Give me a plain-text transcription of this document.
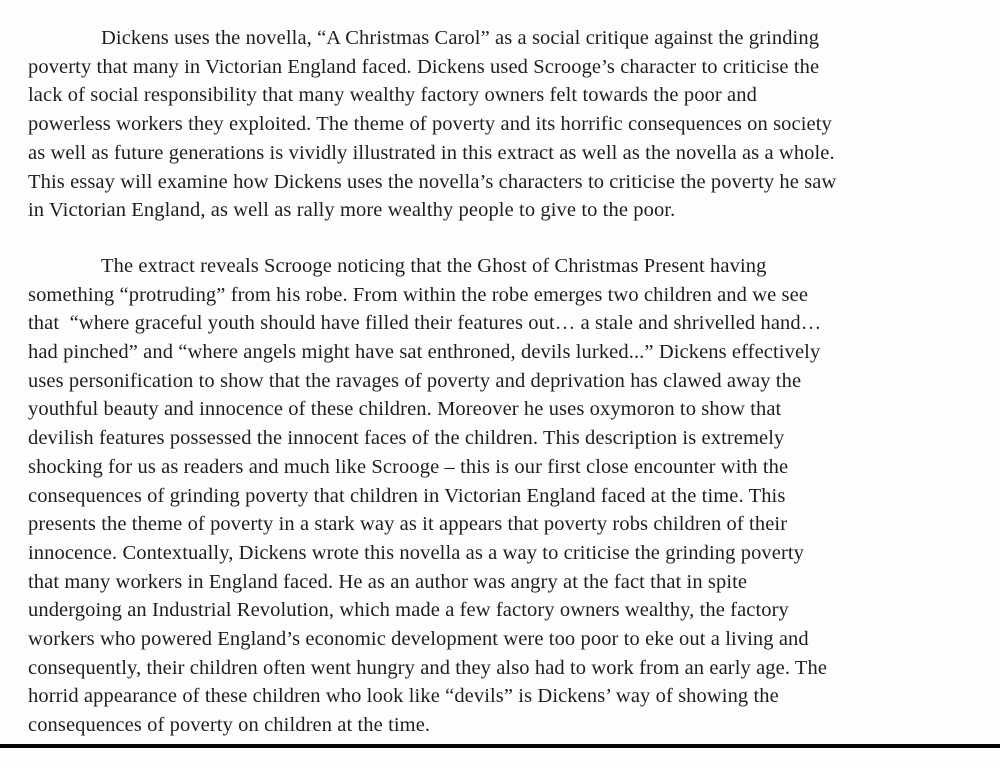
Dickens uses the novella, “A Christmas Carol” as a social critique against the grinding
poverty that many in Victorian England faced. Dickens used Scrooge’s character to criticise the
lack of social responsibility that many wealthy factory owners felt towards the poor and
powerless workers they exploited. The theme of poverty and its horrific consequences on society
as well as future generations is vividly illustrated in this extract as well as the novella as a whole.
This essay will examine how Dickens uses the novella’s characters to criticise the poverty he saw
in Victorian England, as well as rally more wealthy people to give to the poor.
The extract reveals Scrooge noticing that the Ghost of Christmas Present having
something “protruding” from his robe. From within the robe emerges two children and we see
that  “where graceful youth should have filled their features out… a stale and shrivelled hand…
had pinched” and “where angels might have sat enthroned, devils lurked...” Dickens effectively
uses personification to show that the ravages of poverty and deprivation has clawed away the
youthful beauty and innocence of these children. Moreover he uses oxymoron to show that
devilish features possessed the innocent faces of the children. This description is extremely
shocking for us as readers and much like Scrooge – this is our first close encounter with the
consequences of grinding poverty that children in Victorian England faced at the time. This
presents the theme of poverty in a stark way as it appears that poverty robs children of their
innocence. Contextually, Dickens wrote this novella as a way to criticise the grinding poverty
that many workers in England faced. He as an author was angry at the fact that in spite
undergoing an Industrial Revolution, which made a few factory owners wealthy, the factory
workers who powered England’s economic development were too poor to eke out a living and
consequently, their children often went hungry and they also had to work from an early age. The
horrid appearance of these children who look like “devils” is Dickens’ way of showing the
consequences of poverty on children at the time.
